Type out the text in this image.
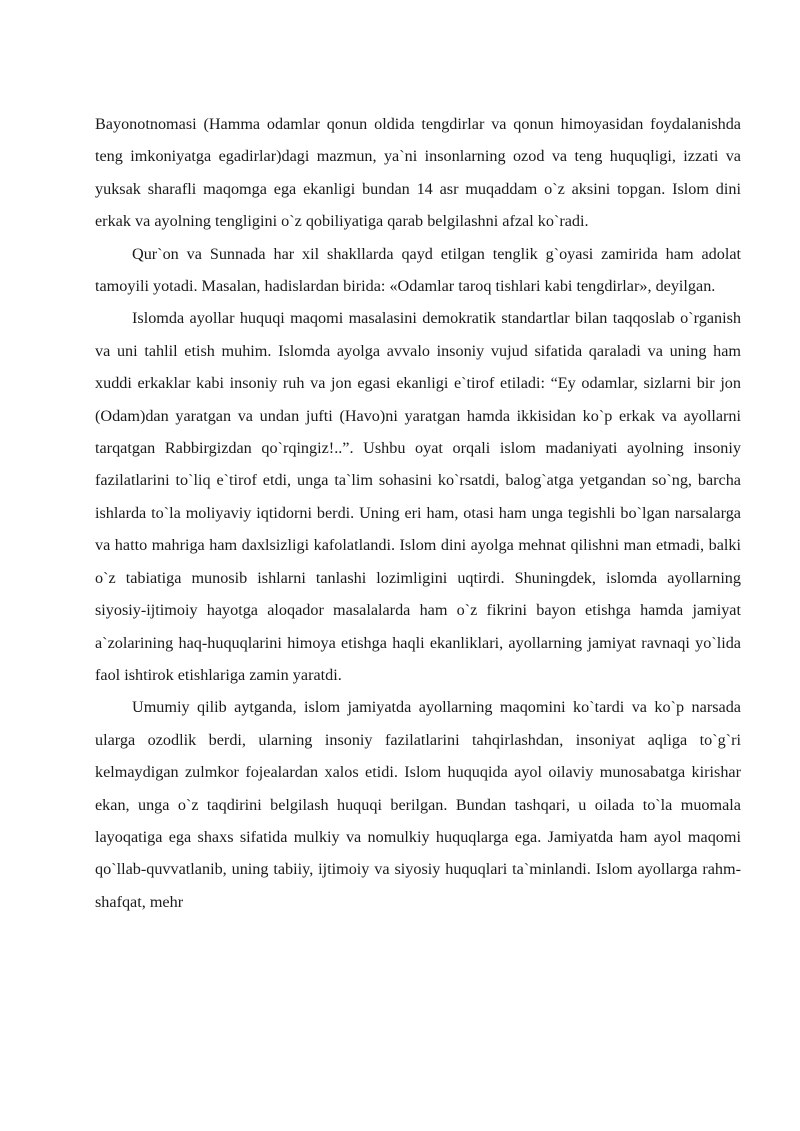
Bayonotnomasi (Hamma odamlar qonun oldida tengdirlar va qonun himoyasidan foydalanishda teng imkoniyatga egadirlar)dagi mazmun, ya`ni insonlarning ozod va teng huquqligi, izzati va yuksak sharafli maqomga ega ekanligi bundan 14 asr muqaddam o`z aksini topgan. Islom dini erkak va ayolning tengligini o`z qobiliyatiga qarab belgilashni afzal ko`radi.

Qur`on va Sunnada har xil shakllarda qayd etilgan tenglik g`oyasi zamirida ham adolat tamoyili yotadi. Masalan, hadislardan birida: «Odamlar taroq tishlari kabi tengdirlar», deyilgan.

Islomda ayollar huquqi maqomi masalasini demokratik standartlar bilan taqqoslab o`rganish va uni tahlil etish muhim. Islomda ayolga avvalo insoniy vujud sifatida qaraladi va uning ham xuddi erkaklar kabi insoniy ruh va jon egasi ekanligi e`tirof etiladi: “Ey odamlar, sizlarni bir jon (Odam)dan yaratgan va undan jufti (Havo)ni yaratgan hamda ikkisidan ko`p erkak va ayollarni tarqatgan Rabbirgizdan qo`rqingiz!..”. Ushbu oyat orqali islom madaniyati ayolning insoniy fazilatlarini to`liq e`tirof etdi, unga ta`lim sohasini ko`rsatdi, balog`atga yetgandan so`ng, barcha ishlarda to`la moliyaviy iqtidorni berdi. Uning eri ham, otasi ham unga tegishli bo`lgan narsalarga va hatto mahriga ham daxlsizligi kafolatlandi. Islom dini ayolga mehnat qilishni man etmadi, balki o`z tabiatiga munosib ishlarni tanlashi lozimligini uqtirdi. Shuningdek, islomda ayollarning siyosiy-ijtimoiy hayotga aloqador masalalarda ham o`z fikrini bayon etishga hamda jamiyat a`zolarining haq-huquqlarini himoya etishga haqli ekanliklari, ayollarning jamiyat ravnaqi yo`lida faol ishtirok etishlariga zamin yaratdi.

Umumiy qilib aytganda, islom jamiyatda ayollarning maqomini ko`tardi va ko`p narsada ularga ozodlik berdi, ularning insoniy fazilatlarini tahqirlashdan, insoniyat aqliga to`g`ri kelmaydigan zulmkor fojealardan xalos etidi. Islom huquqida ayol oilaviy munosabatga kirishar ekan, unga o`z taqdirini belgilash huquqi berilgan. Bundan tashqari, u oilada to`la muomala layoqatiga ega shaxs sifatida mulkiy va nomulkiy huquqlarga ega. Jamiyatda ham ayol maqomi qo`llab-quvvatlanib, uning tabiiy, ijtimoiy va siyosiy huquqlari ta`minlandi. Islom ayollarga rahm-shafqat, mehr
